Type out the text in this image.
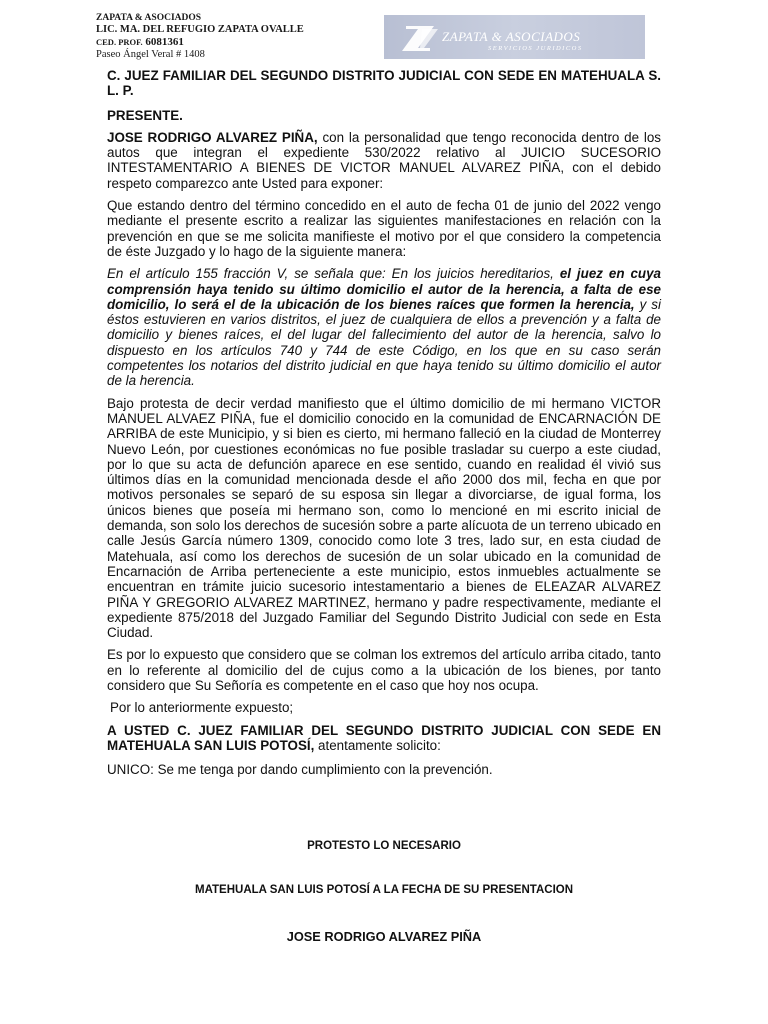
ZAPATA & ASOCIADOS
LIC. MA. DEL REFUGIO ZAPATA OVALLE
CED. PROF. 6081361
Paseo Ángel Veral # 1408
ZAPATA & ASOCIADOS
SERVICIOS JURIDICOS

C. JUEZ FAMILIAR DEL SEGUNDO DISTRITO JUDICIAL CON SEDE EN MATEHUALA S. L. P.

PRESENTE.

JOSE RODRIGO ALVAREZ PIÑA, con la personalidad que tengo reconocida dentro de los autos que integran el expediente 530/2022 relativo al JUICIO SUCESORIO INTESTAMENTARIO A BIENES DE VICTOR MANUEL ALVAREZ PIÑA, con el debido respeto comparezco ante Usted para exponer:

Que estando dentro del término concedido en el auto de fecha 01 de junio del 2022 vengo mediante el presente escrito a realizar las siguientes manifestaciones en relación con la prevención en que se me solicita manifieste el motivo por el que considero la competencia de éste Juzgado y lo hago de la siguiente manera:

En el artículo 155 fracción V, se señala que: En los juicios hereditarios, el juez en cuya comprensión haya tenido su último domicilio el autor de la herencia, a falta de ese domicilio, lo será el de la ubicación de los bienes raíces que formen la herencia, y si éstos estuvieren en varios distritos, el juez de cualquiera de ellos a prevención y a falta de domicilio y bienes raíces, el del lugar del fallecimiento del autor de la herencia, salvo lo dispuesto en los artículos 740 y 744 de este Código, en los que en su caso serán competentes los notarios del distrito judicial en que haya tenido su último domicilio el autor de la herencia.

Bajo protesta de decir verdad manifiesto que el último domicilio de mi hermano VICTOR MANUEL ALVAEZ PIÑA, fue el domicilio conocido en la comunidad de ENCARNACIÓN DE ARRIBA de este Municipio, y si bien es cierto, mi hermano falleció en la ciudad de Monterrey Nuevo León, por cuestiones económicas no fue posible trasladar su cuerpo a este ciudad, por lo que su acta de defunción aparece en ese sentido, cuando en realidad él vivió sus últimos días en la comunidad mencionada desde el año 2000 dos mil, fecha en que por motivos personales se separó de su esposa sin llegar a divorciarse, de igual forma, los únicos bienes que poseía mi hermano son, como lo mencioné en mi escrito inicial de demanda, son solo los derechos de sucesión sobre a parte alícuota de un terreno ubicado en calle Jesús García número 1309, conocido como lote 3 tres, lado sur, en esta ciudad de Matehuala, así como los derechos de sucesión de un solar ubicado en la comunidad de Encarnación de Arriba perteneciente a este municipio, estos inmuebles actualmente se encuentran en trámite juicio sucesorio intestamentario a bienes de ELEAZAR ALVAREZ PIÑA Y GREGORIO ALVAREZ MARTINEZ, hermano y padre respectivamente, mediante el expediente 875/2018 del Juzgado Familiar del Segundo Distrito Judicial con sede en Esta Ciudad.

Es por lo expuesto que considero que se colman los extremos del artículo arriba citado, tanto en lo referente al domicilio del de cujus como a la ubicación de los bienes, por tanto considero que Su Señoría es competente en el caso que hoy nos ocupa.

Por lo anteriormente expuesto;

A USTED C. JUEZ FAMILIAR DEL SEGUNDO DISTRITO JUDICIAL CON SEDE EN MATEHUALA SAN LUIS POTOSÍ, atentamente solicito:

UNICO: Se me tenga por dando cumplimiento con la prevención.

PROTESTO LO NECESARIO
MATEHUALA SAN LUIS POTOSÍ A LA FECHA DE SU PRESENTACION
JOSE RODRIGO ALVAREZ PIÑA
